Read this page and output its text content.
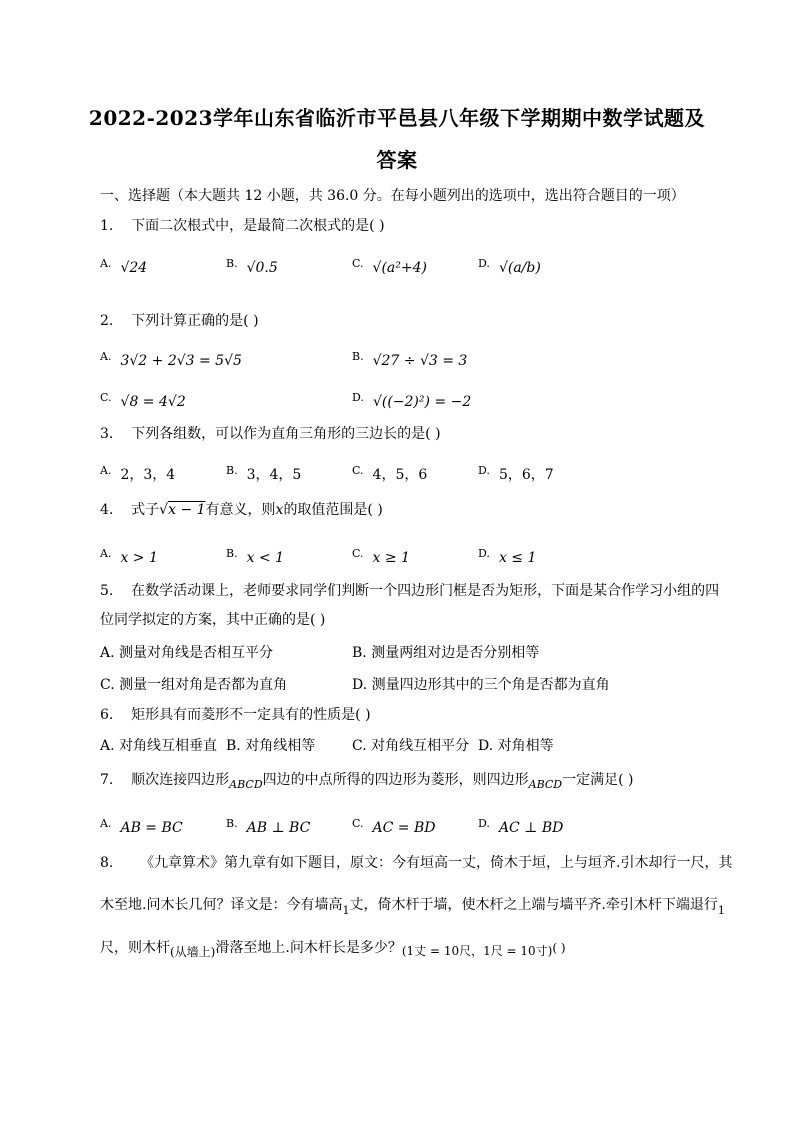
2022-2023学年山东省临沂市平邑县八年级下学期期中数学试题及
答案
一、选择题（本大题共 12 小题，共 36.0 分。在每小题列出的选项中，选出符合题目的一项）
1. 下面二次根式中，是最简二次根式的是( )
$^{A.}$ √24	$^{B.}$ √0.5	$^{C.}$ √(a²+4)	$^{D.}$ √(a/b)
2. 下列计算正确的是( )
$^{A.}$ 3√2 + 2√3 = 5√5	$^{B.}$ √27 ÷ √3 = 3
$^{C.}$ √8 = 4√2	$^{D.}$ √((−2)²) = −2
3. 下列各组数，可以作为直角三角形的三边长的是( )
$^{A.}$ 2，3，4	$^{B.}$ 3，4，5	$^{C.}$ 4，5，6	$^{D.}$ 5，6，7
4. 式子√x − 1有意义，则x的取值范围是( )
$^{A.}$ x > 1	$^{B.}$ x < 1	$^{C.}$ x ≥ 1	$^{D.}$ x ≤ 1
5. 在数学活动课上，老师要求同学们判断一个四边形门框是否为矩形，下面是某合作学习小组的四
位同学拟定的方案，其中正确的是( )
A. 测量对角线是否相互平分	B. 测量两组对边是否分别相等
C. 测量一组对角是否都为直角	D. 测量四边形其中的三个角是否都为直角
6. 矩形具有而菱形不一定具有的性质是( )
A. 对角线互相垂直 B. 对角线相等	C. 对角线互相平分 D. 对角相等
7. 顺次连接四边形$_{ABCD}$四边的中点所得的四边形为菱形，则四边形$_{ABCD}$一定满足( )
$^{A.}$ AB = BC	$^{B.}$ AB ⊥ BC	$^{C.}$ AC = BD	$^{D.}$ AC ⊥ BD
8. 《九章算术》第九章有如下题目，原文：今有垣高一丈，倚木于垣，上与垣齐.引木却行一尺，其
木至地.问木长几何？译文是：今有墙高$_1$丈，倚木杆于墙，使木杆之上端与墙平齐.牵引木杆下端退行$_1$
尺，则木杆(从墙上)滑落至地上.问木杆长是多少？(1丈 = 10尺，1尺 = 10寸)( )
